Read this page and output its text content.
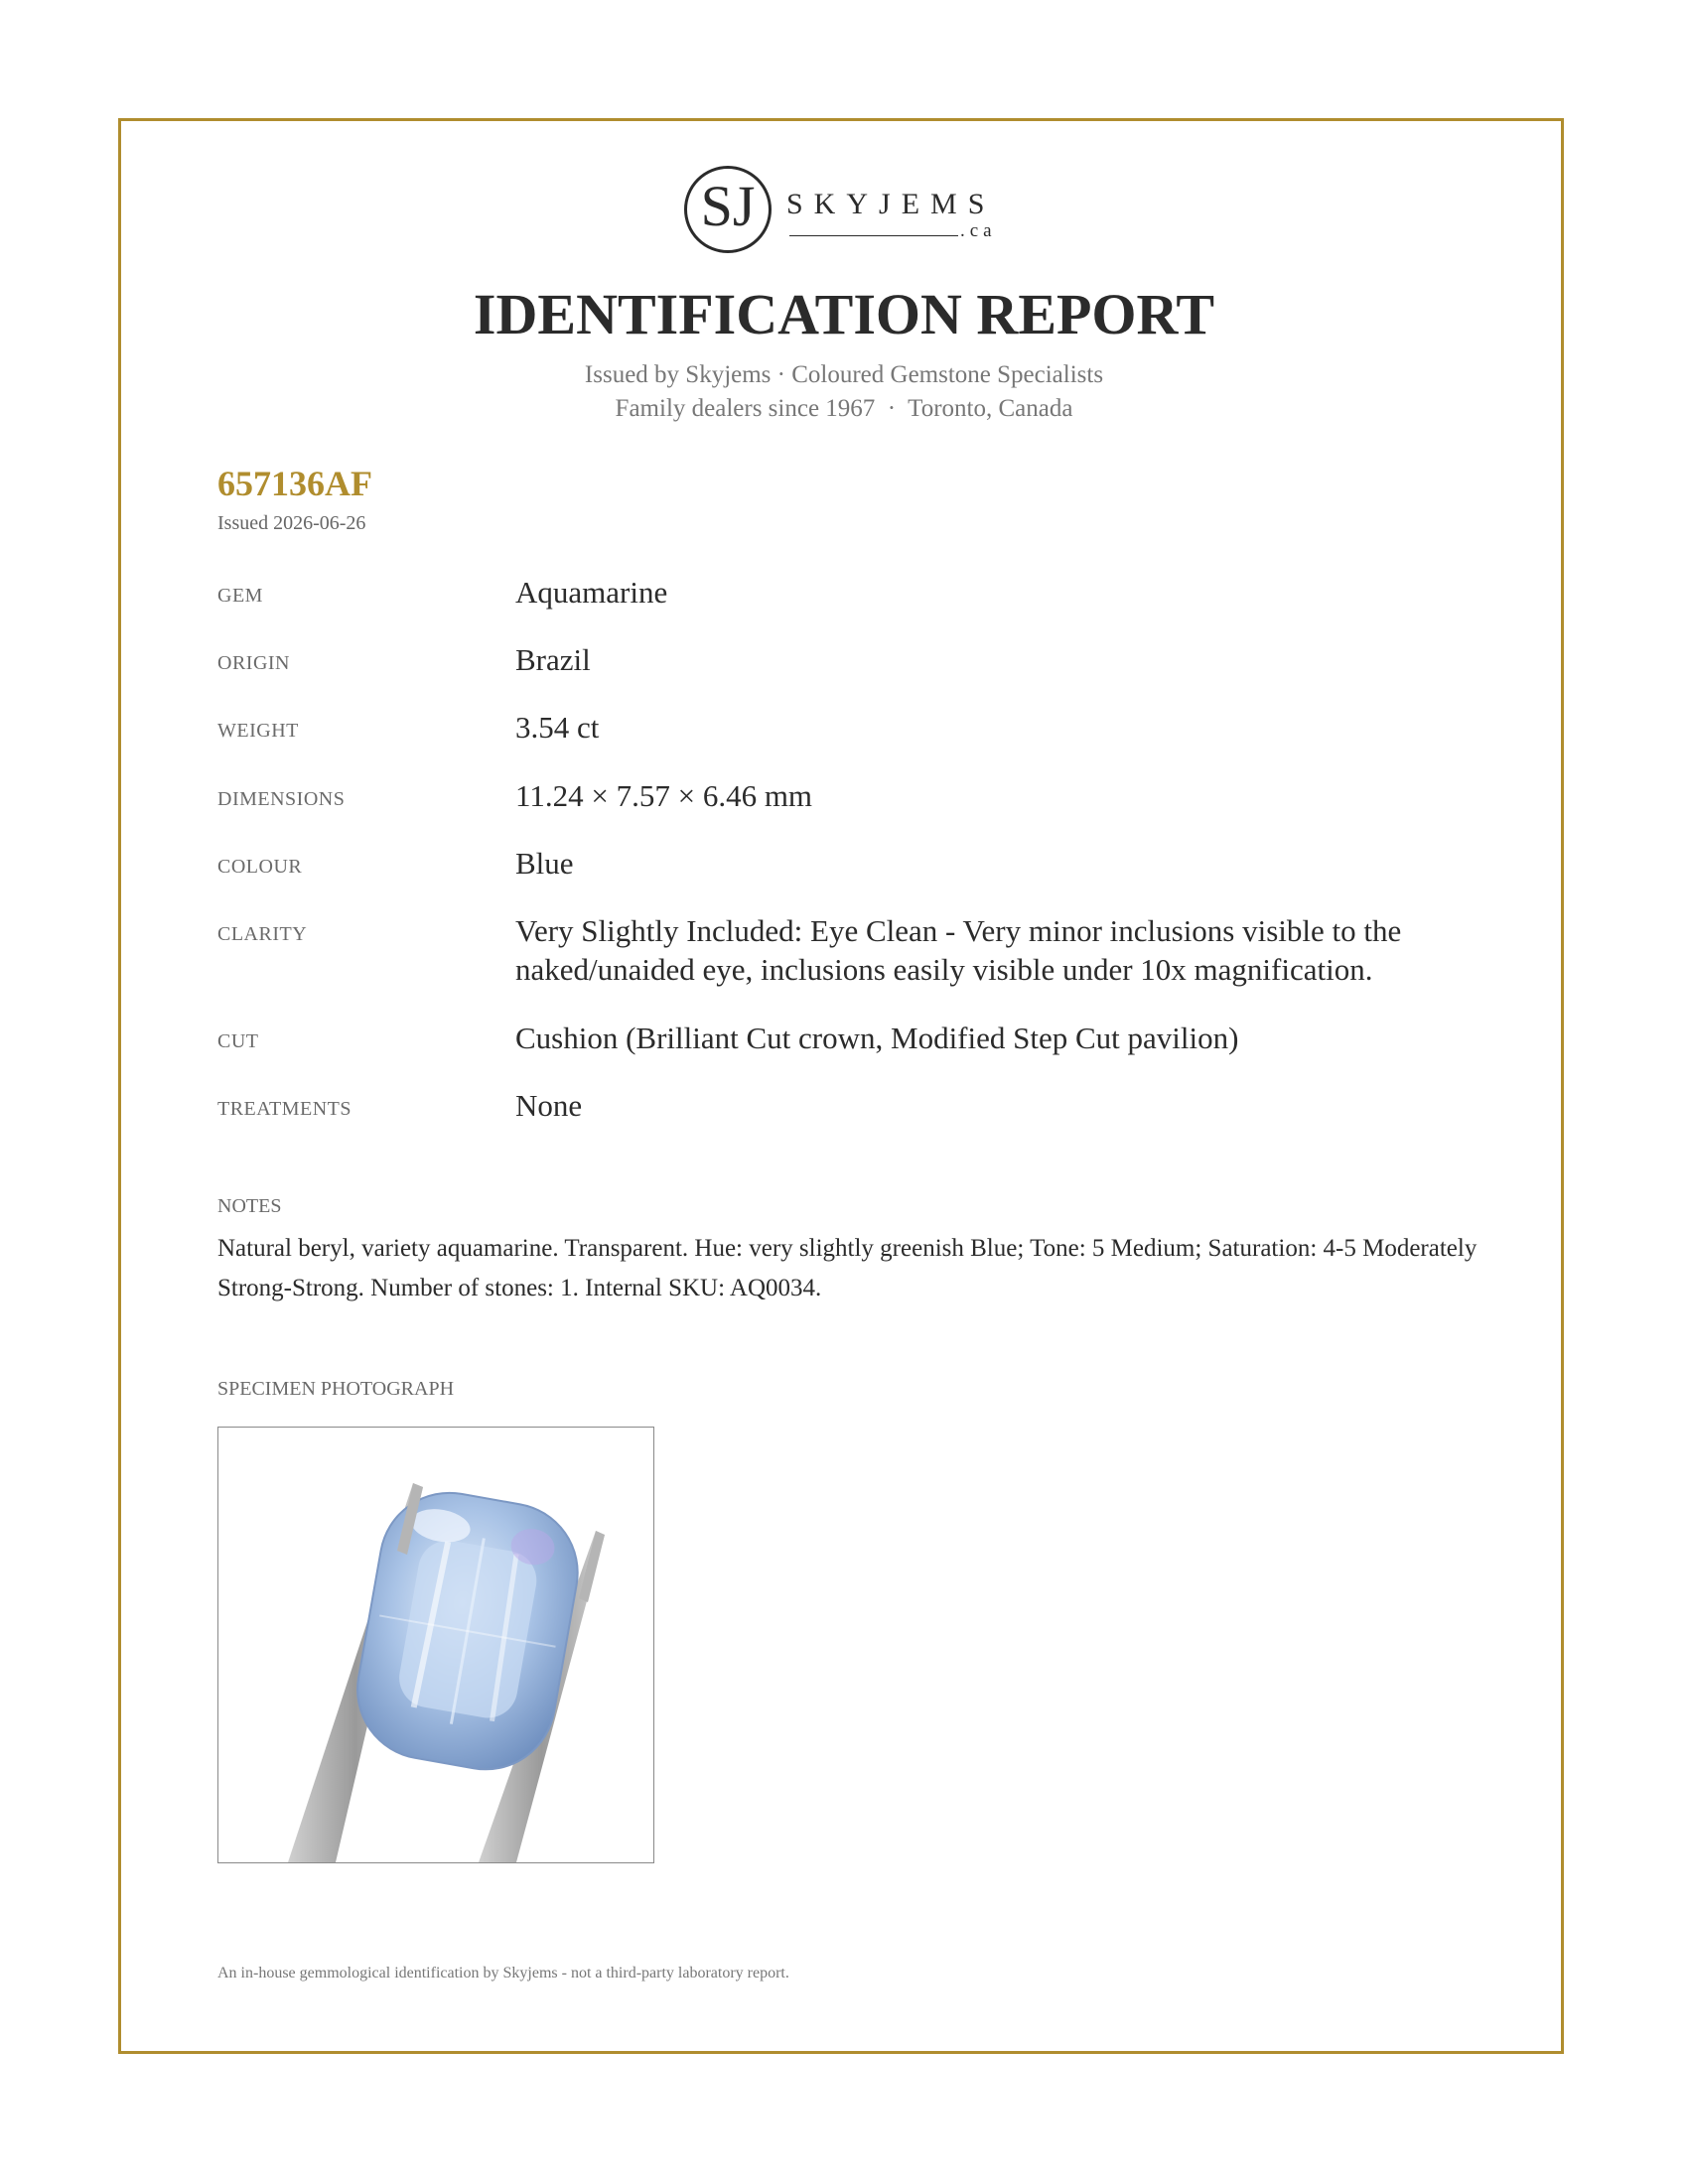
SJ	SKYJEMS
.ca
IDENTIFICATION REPORT
Issued by Skyjems · Coloured Gemstone Specialists
Family dealers since 1967  ·  Toronto, Canada
657136AF
Issued 2026-06-26
GEM	Aquamarine
ORIGIN	Brazil
WEIGHT	3.54 ct
DIMENSIONS	11.24 × 7.57 × 6.46 mm
COLOUR	Blue
CLARITY	Very Slightly Included: Eye Clean - Very minor inclusions visible to the naked/unaided eye, inclusions easily visible under 10x magnification.
CUT	Cushion (Brilliant Cut crown, Modified Step Cut pavilion)
TREATMENTS	None
NOTES
Natural beryl, variety aquamarine. Transparent. Hue: very slightly greenish Blue; Tone: 5 Medium; Saturation: 4-5 Moderately Strong-Strong. Number of stones: 1. Internal SKU: AQ0034.
SPECIMEN PHOTOGRAPH
An in-house gemmological identification by Skyjems - not a third-party laboratory report.
